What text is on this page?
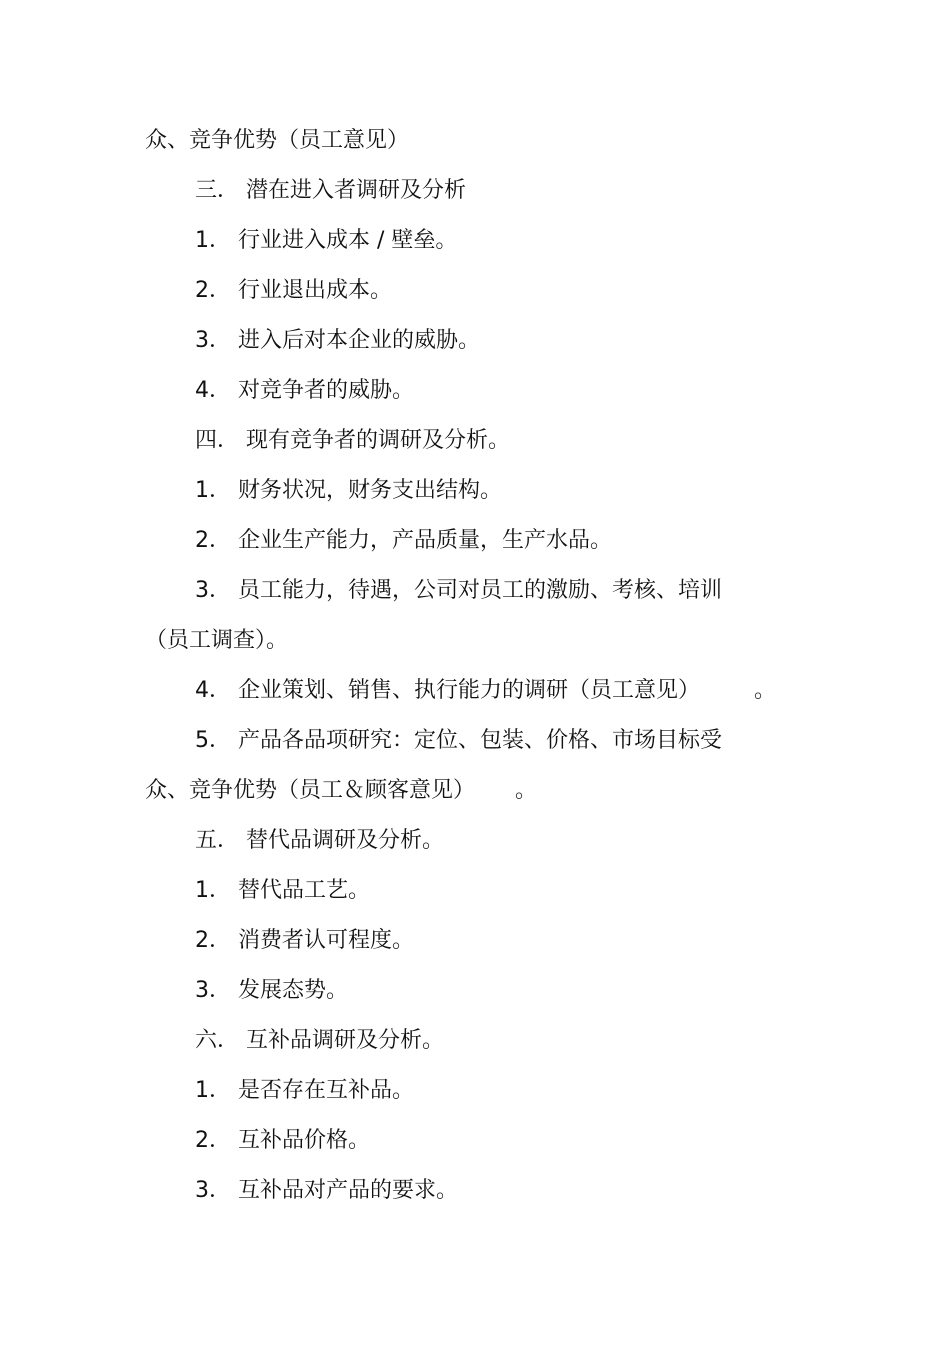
众、竞争优势（员工意见）
三． 潜在进入者调研及分析
1． 行业进入成本 / 壁垒。
2． 行业退出成本。
3． 进入后对本企业的威胁。
4． 对竞争者的威胁。
四． 现有竞争者的调研及分析。
1． 财务状况，财务支出结构。
2． 企业生产能力，产品质量，生产水品。
3． 员工能力，待遇，公司对员工的激励、考核、培训
（员工调查）。
4． 企业策划、销售、执行能力的调研（员工意见） 。
5． 产品各品项研究：定位、包装、价格、市场目标受
众、竞争优势（员工＆顾客意见） 。
五． 替代品调研及分析。
1． 替代品工艺。
2． 消费者认可程度。
3． 发展态势。
六． 互补品调研及分析。
1． 是否存在互补品。
2． 互补品价格。
3． 互补品对产品的要求。
